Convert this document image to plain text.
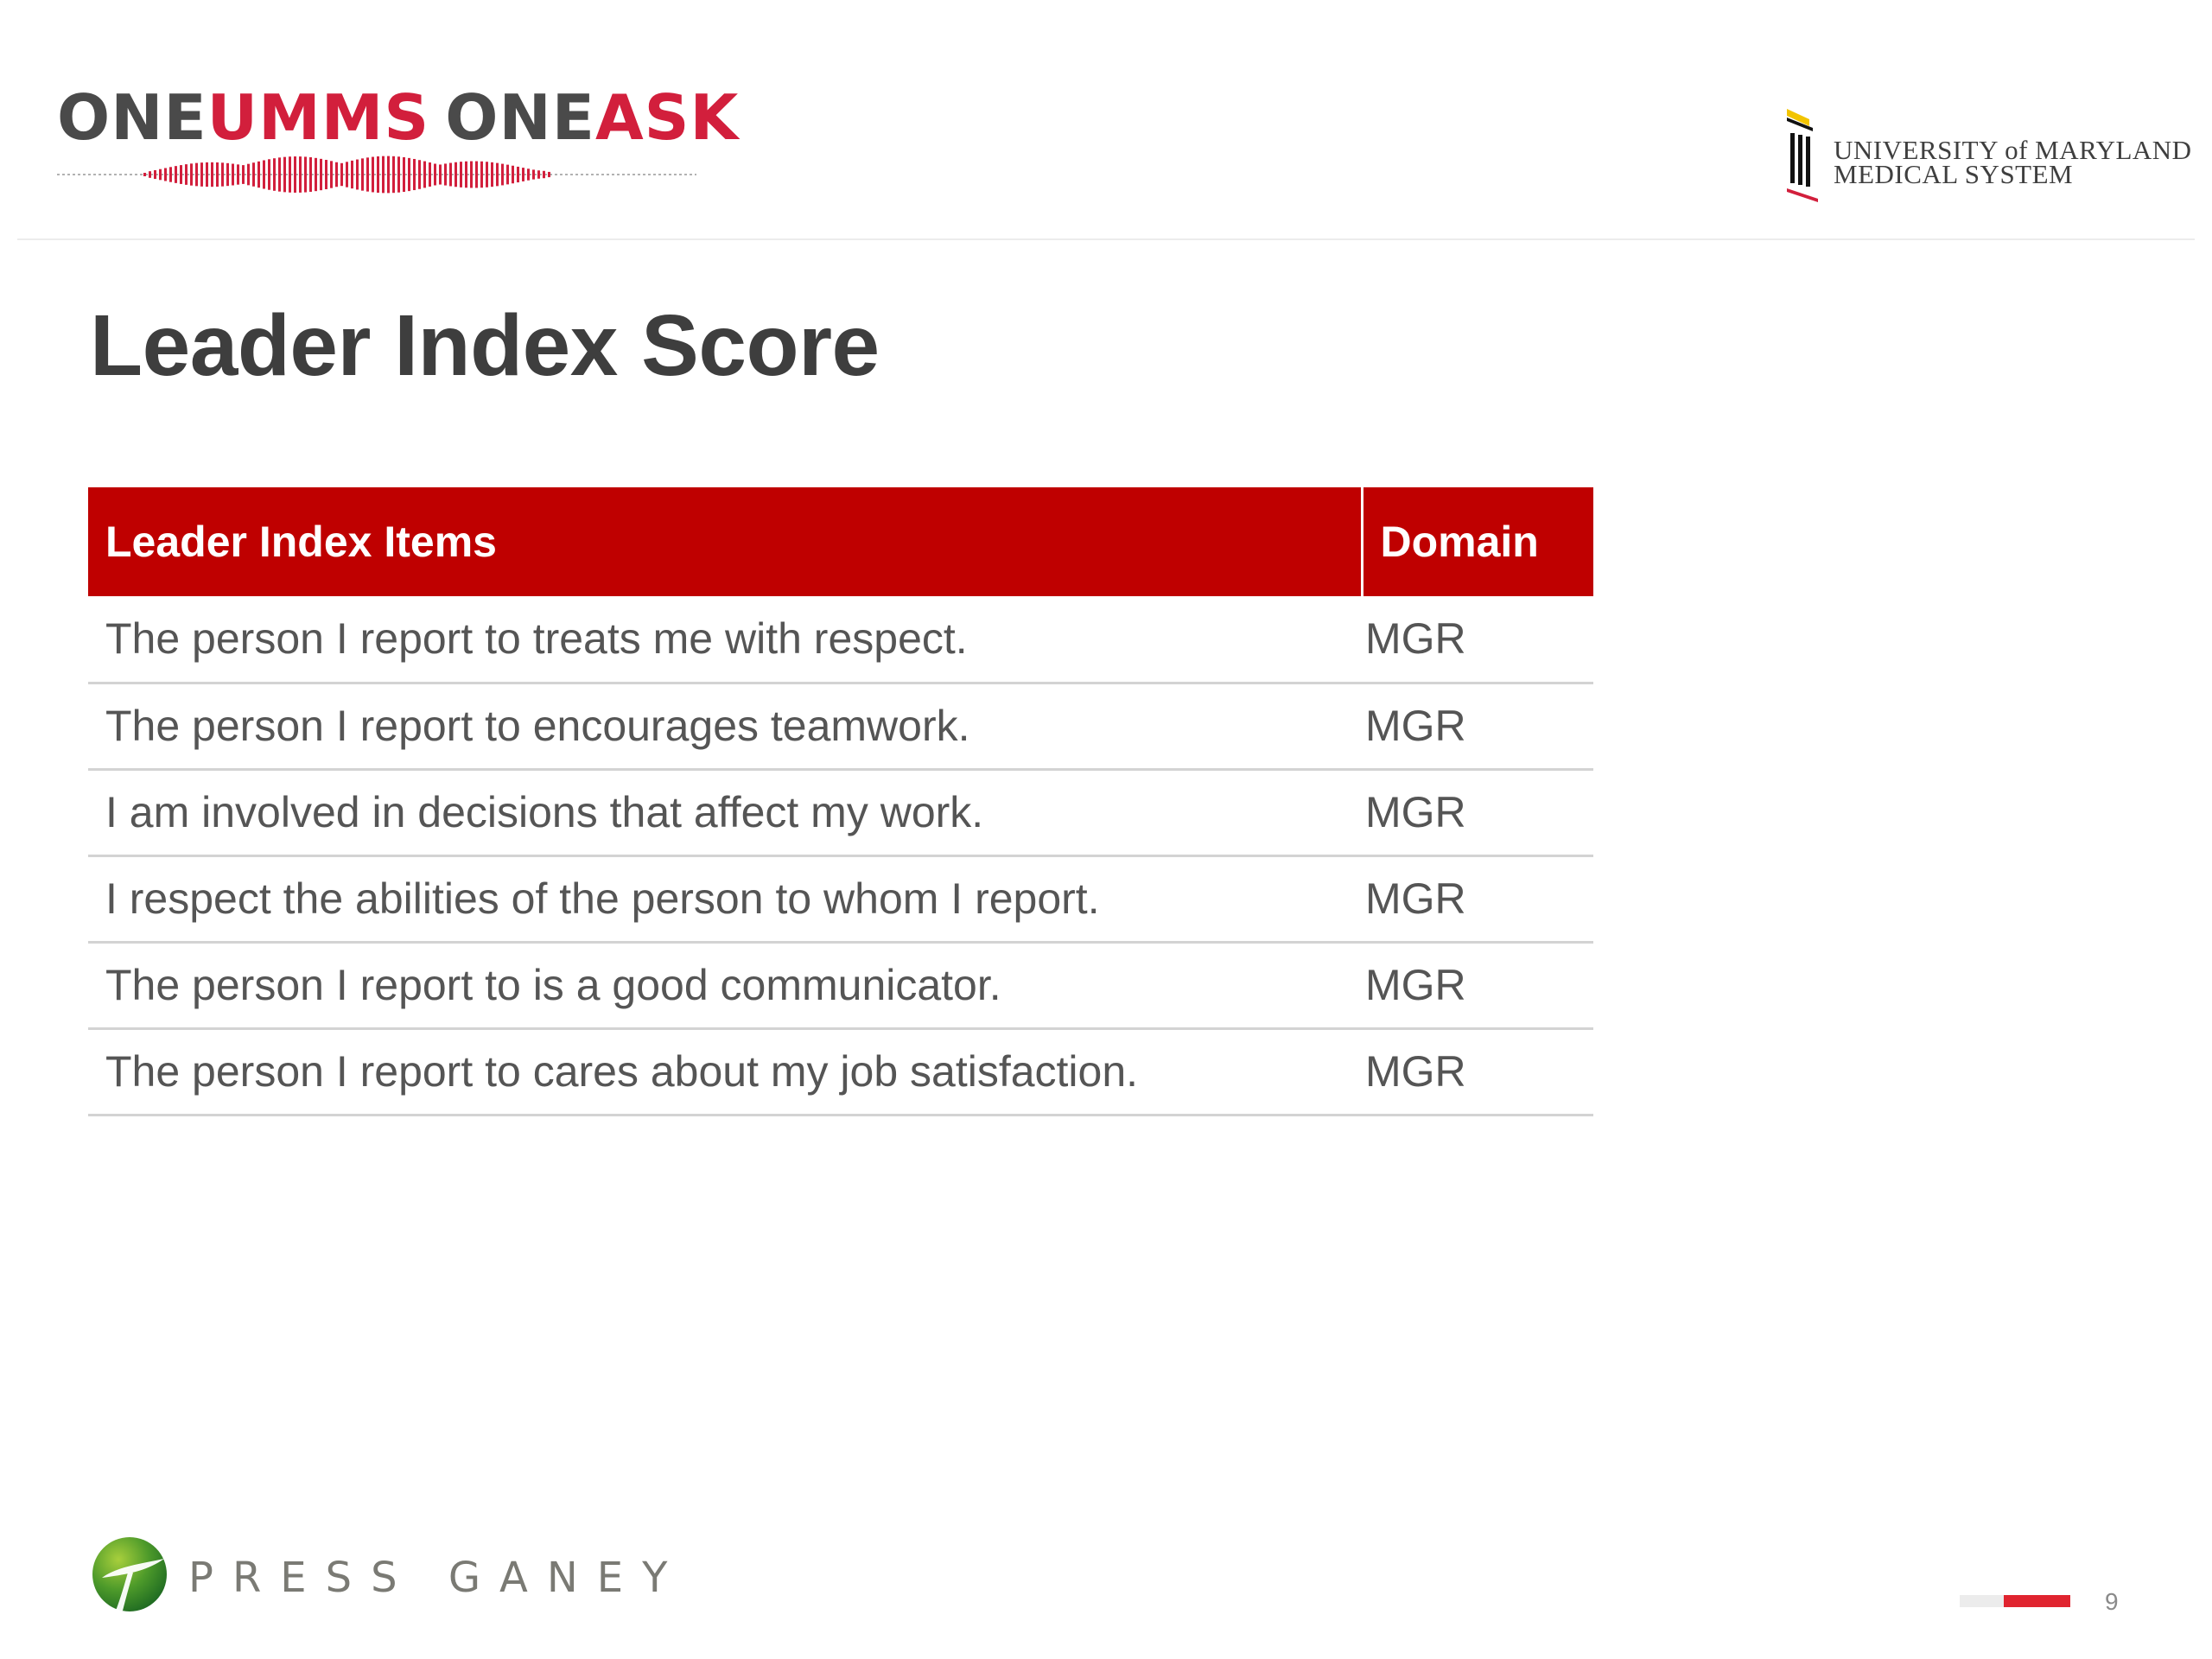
ONE UMMS ONE ASK	UNIVERSITY of MARYLAND
MEDICAL SYSTEM
Leader Index Score
Leader Index Items	Domain
The person I report to treats me with respect.	MGR
The person I report to encourages teamwork.	MGR
I am involved in decisions that affect my work.	MGR
I respect the abilities of the person to whom I report.	MGR
The person I report to is a good communicator.	MGR
The person I report to cares about my job satisfaction.	MGR
PRESS GANEY	9
